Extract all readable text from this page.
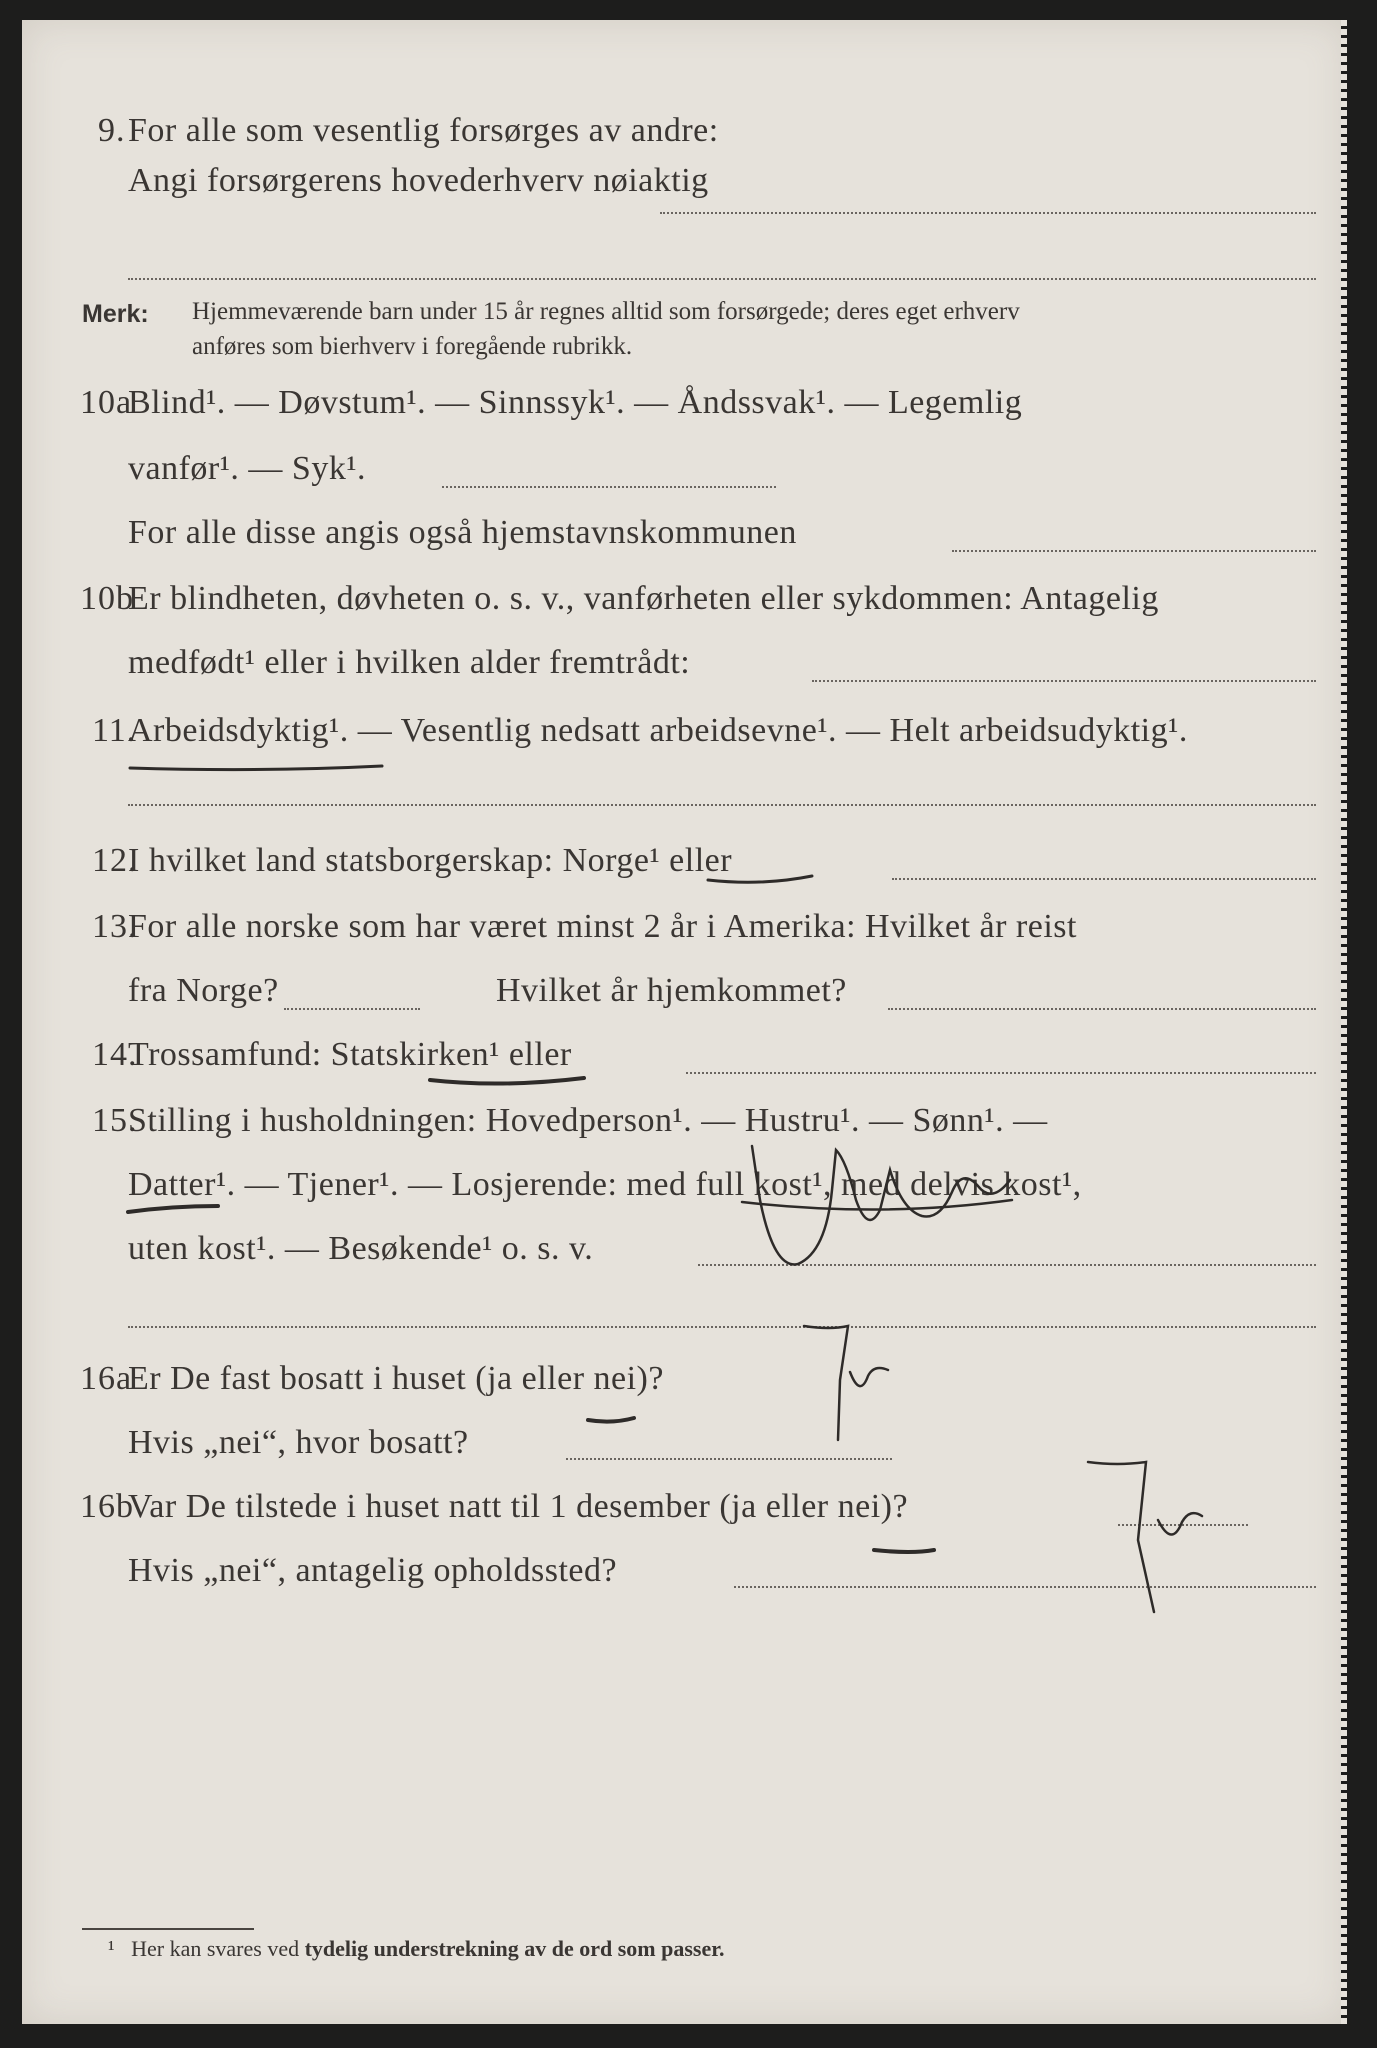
9. For alle som vesentlig forsørges av andre:
Angi forsørgerens hovederhverv nøiaktig
Merk: Hjemmeværende barn under 15 år regnes alltid som forsørgede; deres eget erhverv
anføres som bierhverv i foregående rubrikk.
10a
Blind¹. — Døvstum¹. — Sinnssyk¹. — Åndssvak¹. — Legemlig
vanfør¹. — Syk¹.
For alle disse angis også hjemstavnskommunen
10b
Er blindheten, døvheten o. s. v., vanførheten eller sykdommen: Antagelig
medfødt¹ eller i hvilken alder fremtrådt:
11.
Arbeidsdyktig¹. — Vesentlig nedsatt arbeidsevne¹. — Helt arbeidsudyktig¹.
12.
I hvilket land statsborgerskap: Norge¹ eller
13.
For alle norske som har været minst 2 år i Amerika: Hvilket år reist
fra Norge?	Hvilket år hjemkommet?
14.
Trossamfund: Statskirken¹ eller
15.
Stilling i husholdningen: Hovedperson¹. — Hustru¹. — Sønn¹. —
Datter¹. — Tjener¹. — Losjerende: med full kost¹, med delvis kost¹,
uten kost¹. — Besøkende¹ o. s. v.
16a
Er De fast bosatt i huset (ja eller nei)?
Hvis „nei“, hvor bosatt?
16b
Var De tilstede i huset natt til 1 desember (ja eller nei)?
Hvis „nei“, antagelig opholdssted?
¹ Her kan svares ved tydelig understrekning av de ord som passer.
